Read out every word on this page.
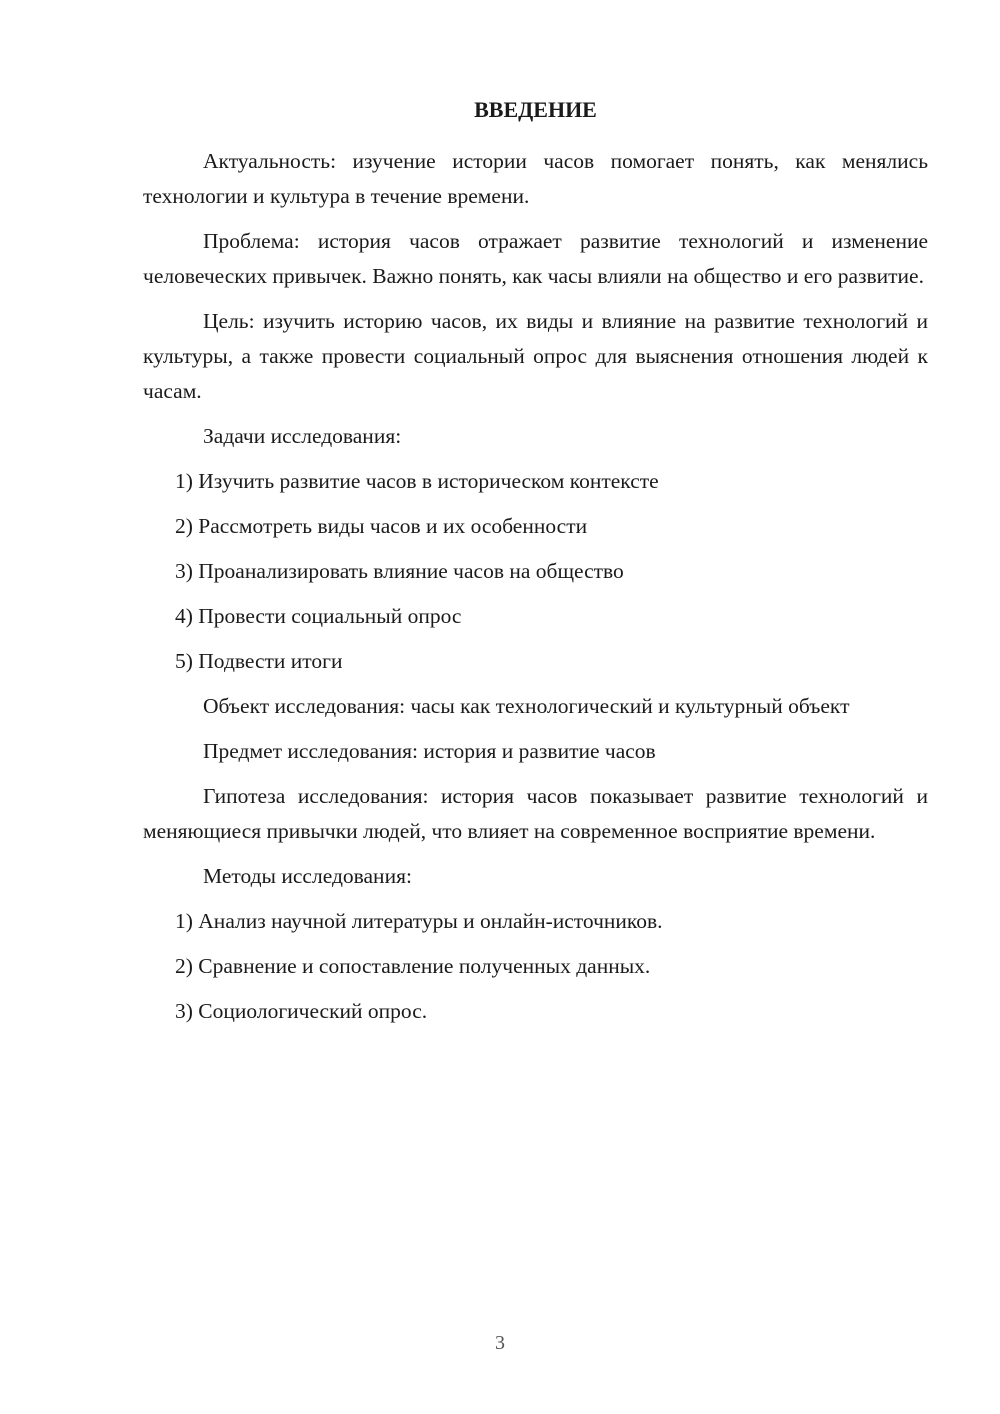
ВВЕДЕНИЕ

Актуальность: изучение истории часов помогает понять, как менялись технологии и культура в течение времени.

Проблема: история часов отражает развитие технологий и изменение человеческих привычек. Важно понять, как часы влияли на общество и его развитие.

Цель: изучить историю часов, их виды и влияние на развитие технологий и культуры, а также провести социальный опрос для выяснения отношения людей к часам.

Задачи исследования:

1) Изучить развитие часов в историческом контексте

2) Рассмотреть виды часов и их особенности

3) Проанализировать влияние часов на общество

4) Провести социальный опрос

5) Подвести итоги

Объект исследования: часы как технологический и культурный объект

Предмет исследования: история и развитие часов

Гипотеза исследования: история часов показывает развитие технологий и меняющиеся привычки людей, что влияет на современное восприятие времени.

Методы исследования:

1) Анализ научной литературы и онлайн-источников.

2) Сравнение и сопоставление полученных данных.

3) Социологический опрос.

3
